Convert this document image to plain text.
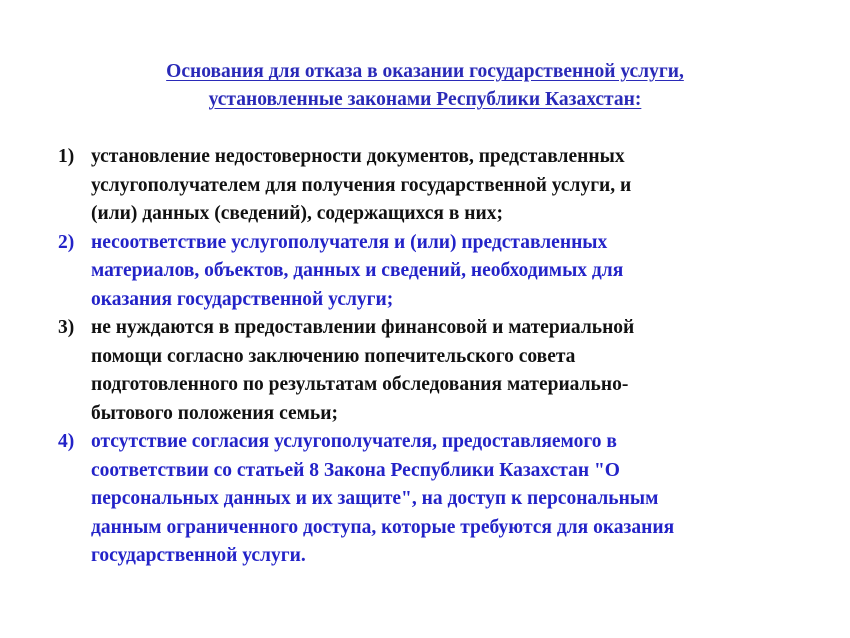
Основания для отказа в оказании государственной услуги,
установленные законами Республики Казахстан:
1) установление недостоверности документов, представленных
услугополучателем для получения государственной услуги, и
(или) данных (сведений), содержащихся в них;
2) несоответствие услугополучателя и (или) представленных
материалов, объектов, данных и сведений, необходимых для
оказания государственной услуги;
3) не нуждаются в предоставлении финансовой и материальной
помощи согласно заключению попечительского совета
подготовленного по результатам обследования материально-
бытового положения семьи;
4) отсутствие согласия услугополучателя, предоставляемого в
соответствии со статьей 8 Закона Республики Казахстан "О
персональных данных и их защите", на доступ к персональным
данным ограниченного доступа, которые требуются для оказания
государственной услуги.
